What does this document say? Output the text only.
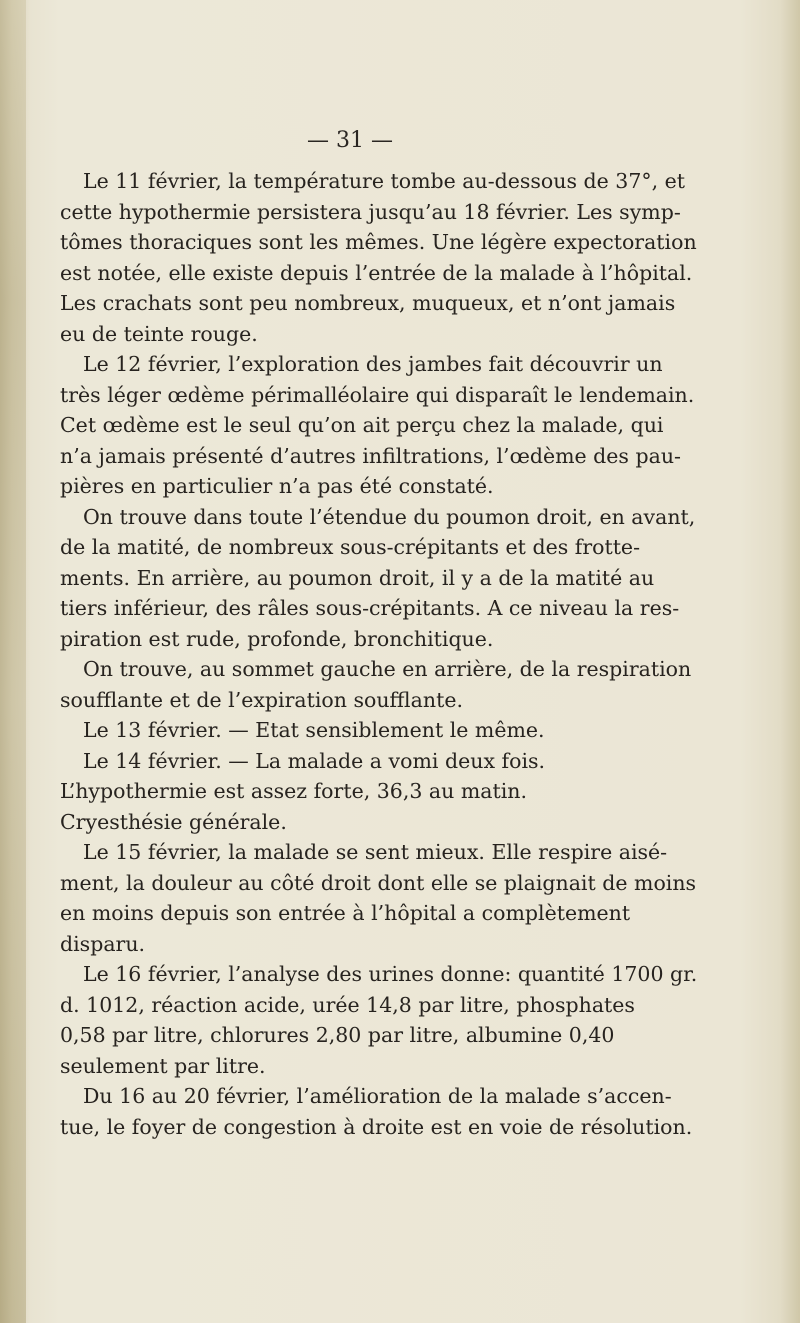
— 31 —

Le 11 février, la température tombe au-dessous de 37°, et
cette hypothermie persistera jusqu’au 18 février. Les symp-
tômes thoraciques sont les mêmes. Une légère expectoration
est notée, elle existe depuis l’entrée de la malade à l’hôpital.
Les crachats sont peu nombreux, muqueux, et n’ont jamais
eu de teinte rouge.

Le 12 février, l’exploration des jambes fait découvrir un
très léger œdème périmalléolaire qui disparaît le lendemain.
Cet œdème est le seul qu’on ait perçu chez la malade, qui
n’a jamais présenté d’autres infiltrations, l’œdème des pau-
pières en particulier n’a pas été constaté.

On trouve dans toute l’étendue du poumon droit, en avant,
de la matité, de nombreux sous-crépitants et des frotte-
ments. En arrière, au poumon droit, il y a de la matité au
tiers inférieur, des râles sous-crépitants. A ce niveau la res-
piration est rude, profonde, bronchitique.

On trouve, au sommet gauche en arrière, de la respiration
soufflante et de l’expiration soufflante.

Le 13 février. — Etat sensiblement le même.

Le 14 février. — La malade a vomi deux fois.
L’hypothermie est assez forte, 36,3 au matin.
Cryesthésie générale.

Le 15 février, la malade se sent mieux. Elle respire aisé-
ment, la douleur au côté droit dont elle se plaignait de moins
en moins depuis son entrée à l’hôpital a complètement
disparu.

Le 16 février, l’analyse des urines donne: quantité 1700 gr.
d. 1012, réaction acide, urée 14,8 par litre, phosphates
0,58 par litre, chlorures 2,80 par litre, albumine 0,40
seulement par litre.

Du 16 au 20 février, l’amélioration de la malade s’accen-
tue, le foyer de congestion à droite est en voie de résolution.
